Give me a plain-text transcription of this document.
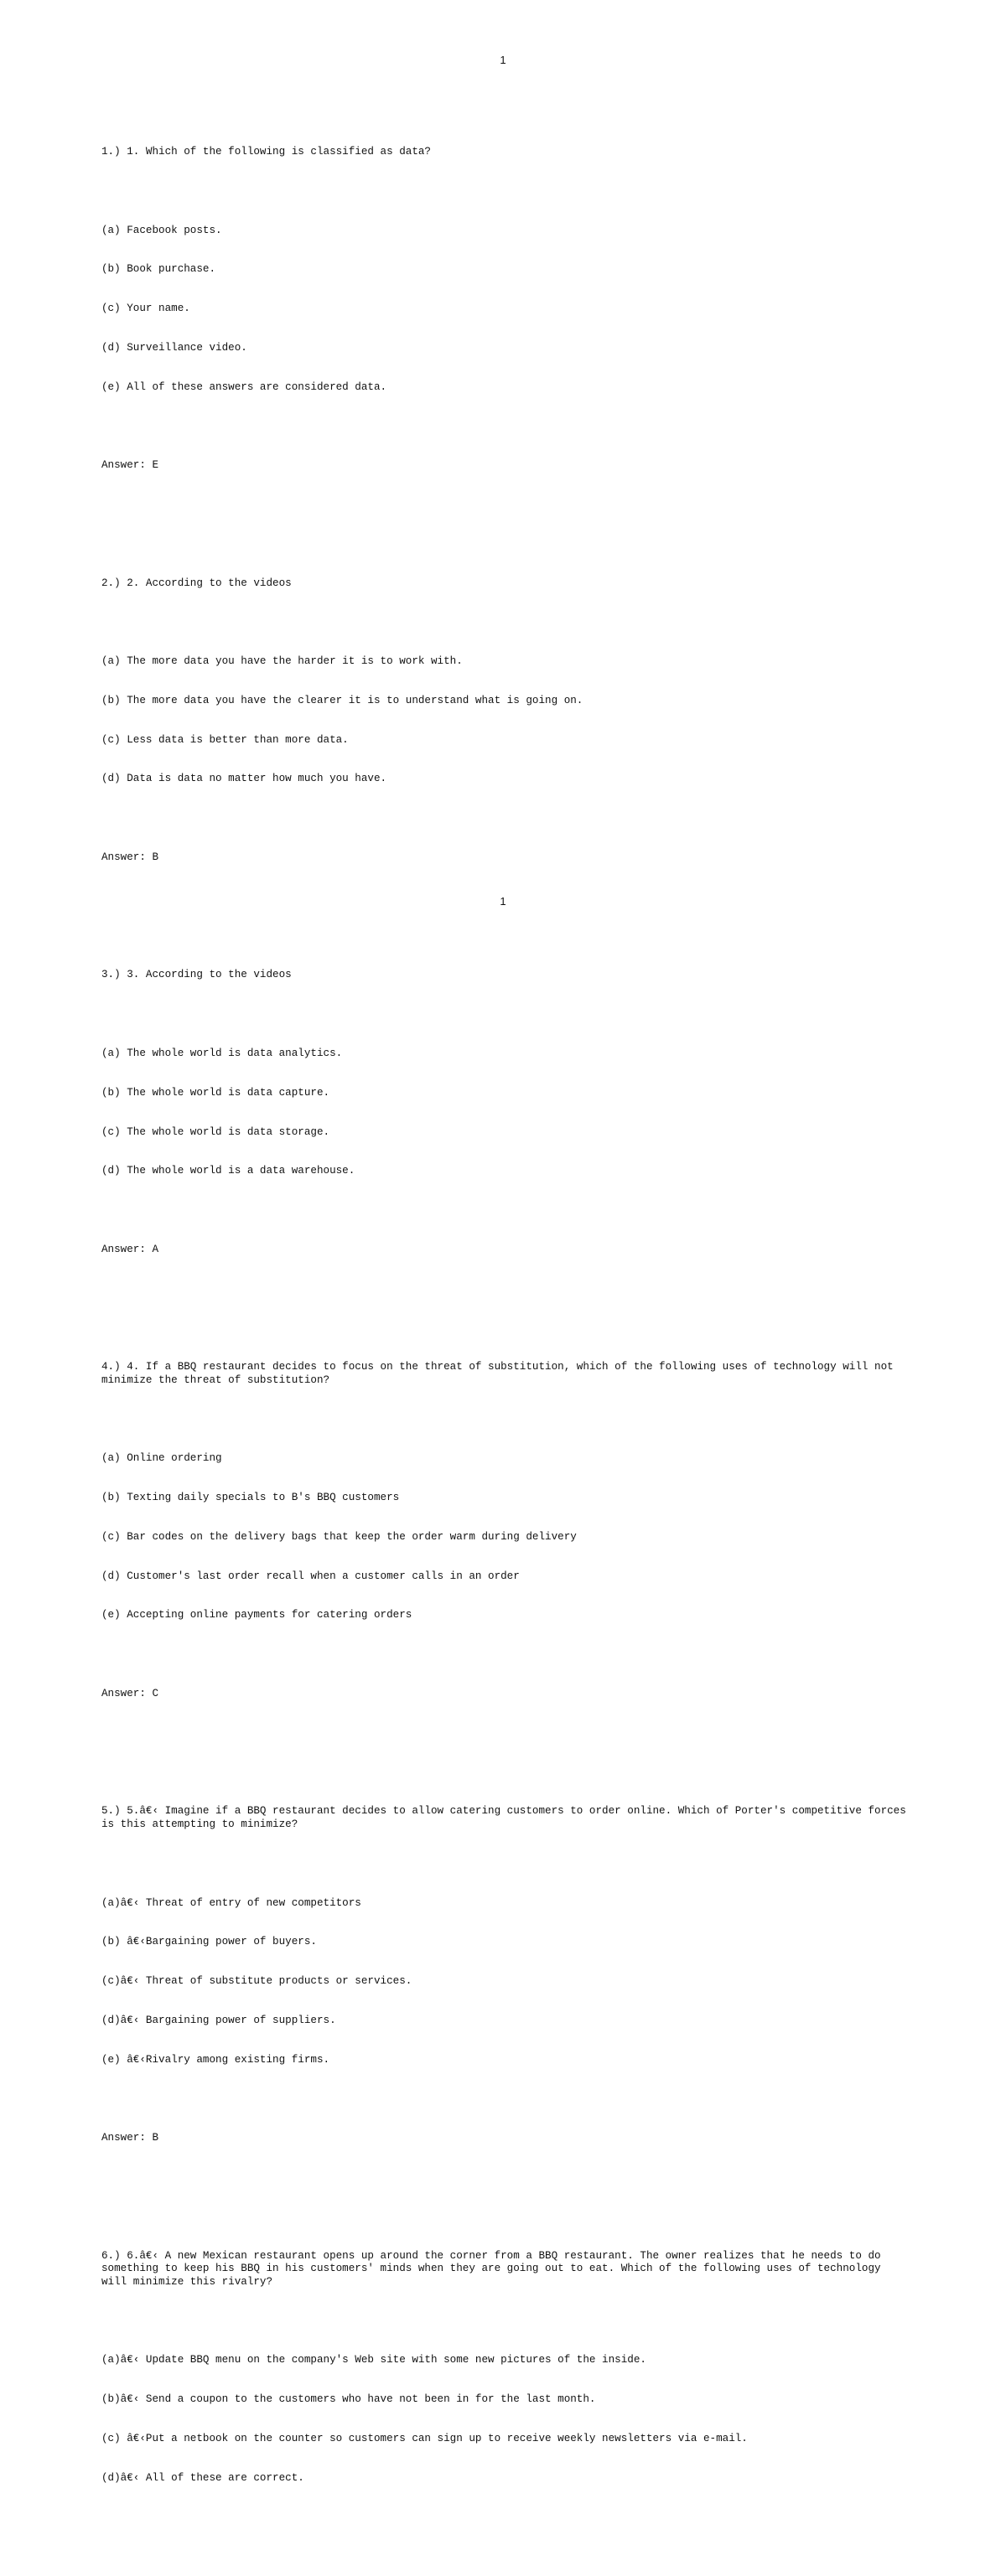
1

1.) 1. Which of the following is classified as data?

(a) Facebook posts.

(b) Book purchase.

(c) Your name.

(d) Surveillance video.

(e) All of these answers are considered data.

Answer: E

2.) 2. According to the videos

(a) The more data you have the harder it is to work with.

(b) The more data you have the clearer it is to understand what is going on.

(c) Less data is better than more data.

(d) Data is data no matter how much you have.

Answer: B

3.) 3. According to the videos

(a) The whole world is data analytics.

(b) The whole world is data capture.

(c) The whole world is data storage.

(d) The whole world is a data warehouse.

Answer: A

4.) 4. If a BBQ restaurant decides to focus on the threat of substitution, which of the following uses of technology will not minimize the threat of substitution?

(a) Online ordering

(b) Texting daily specials to B's BBQ customers

(c) Bar codes on the delivery bags that keep the order warm during delivery

(d) Customer's last order recall when a customer calls in an order

(e) Accepting online payments for catering orders

Answer: C

5.) 5.â€‹ Imagine if a BBQ restaurant decides to allow catering customers to order online. Which of Porter's competitive forces is this attempting to minimize?

(a)â€‹ Threat of entry of new competitors

(b) â€‹Bargaining power of buyers.

(c)â€‹ Threat of substitute products or services.

(d)â€‹ Bargaining power of suppliers.

(e) â€‹Rivalry among existing firms.

Answer: B

6.) 6.â€‹ A new Mexican restaurant opens up around the corner from a BBQ restaurant. The owner realizes that he needs to do something to keep his BBQ in his customers' minds when they are going out to eat. Which of the following uses of technology will minimize this rivalry?

(a)â€‹ Update BBQ menu on the company's Web site with some new pictures of the inside.

(b)â€‹ Send a coupon to the customers who have not been in for the last month.

(c) â€‹Put a netbook on the counter so customers can sign up to receive weekly newsletters via e-mail.

(d)â€‹ All of these are correct.

1
